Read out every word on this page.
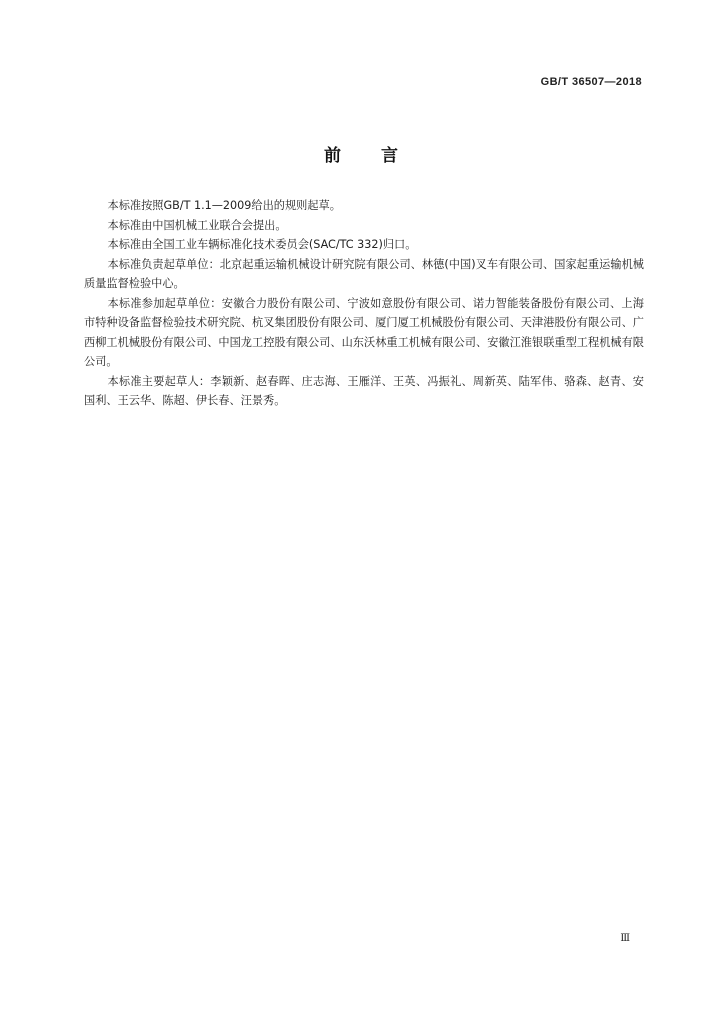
GB/T 36507—2018
前 言

本标准按照GB/T 1.1—2009给出的规则起草。

本标准由中国机械工业联合会提出。

本标准由全国工业车辆标准化技术委员会(SAC/TC 332)归口。

本标准负责起草单位：北京起重运输机械设计研究院有限公司、林德(中国)叉车有限公司、国家起重运输机械质量监督检验中心。

本标准参加起草单位：安徽合力股份有限公司、宁波如意股份有限公司、诺力智能装备股份有限公司、上海市特种设备监督检验技术研究院、杭叉集团股份有限公司、厦门厦工机械股份有限公司、天津港股份有限公司、广西柳工机械股份有限公司、中国龙工控股有限公司、山东沃林重工机械有限公司、安徽江淮银联重型工程机械有限公司。

本标准主要起草人：李颖新、赵春晖、庄志海、王雁洋、王英、冯振礼、周新英、陆军伟、骆森、赵青、安国利、王云华、陈超、伊长春、汪景秀。

Ⅲ
